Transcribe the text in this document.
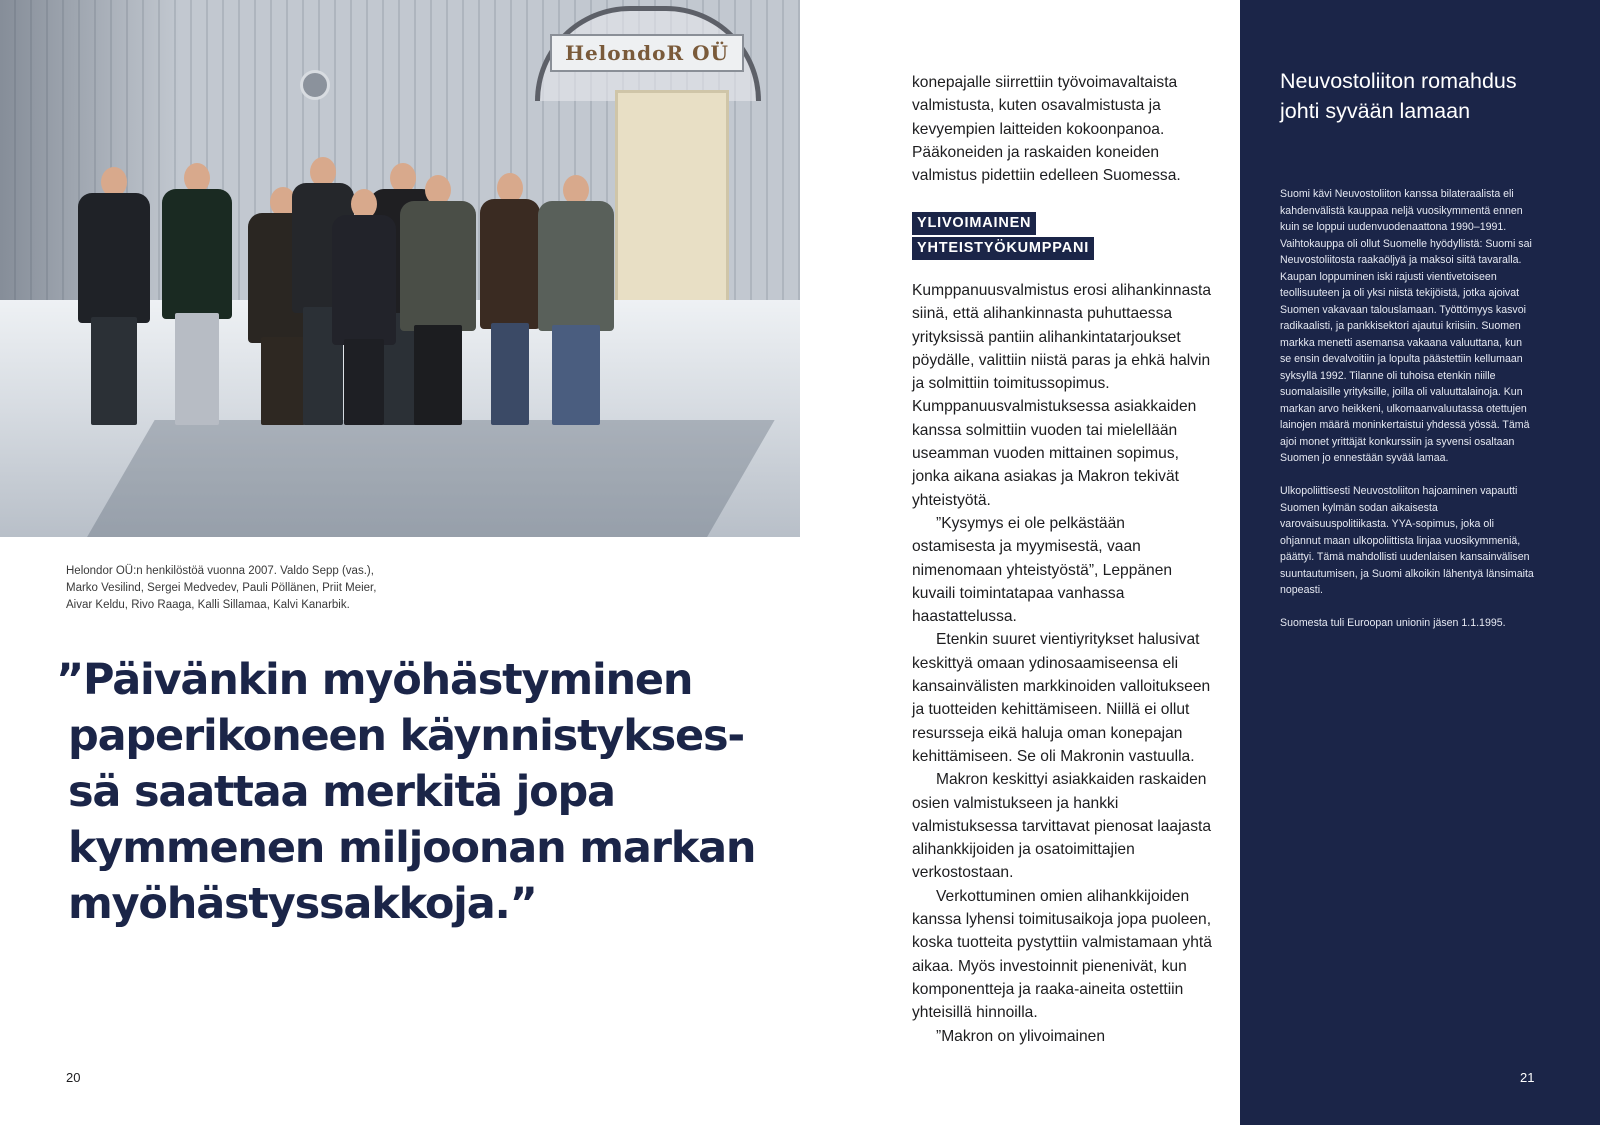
HelondoR OÜ
Helondor OÜ:n henkilöstöä vuonna 2007. Valdo Sepp (vas.), Marko Vesilind, Sergei Medvedev, Pauli Pöllänen, Priit Meier, Aivar Keldu, Rivo Raaga, Kalli Sillamaa, Kalvi Kanarbik.
”Päivänkin myöhästyminen paperikoneen käynnistykses-sä saattaa merkitä jopa kymmenen miljoonan markan myöhästyssakkoja.”
20

konepajalle siirrettiin työvoimavaltaista valmistusta, kuten osavalmistusta ja kevyempien laitteiden kokoonpanoa. Pääkoneiden ja raskaiden koneiden valmistus pidettiin edelleen Suomessa.

YLIVOIMAINEN
YHTEISTYÖKUMPPANI

Kumppanuusvalmistus erosi alihankinnasta siinä, että alihankinnasta puhuttaessa yrityksissä pantiin alihankintatarjoukset pöydälle, valittiin niistä paras ja ehkä halvin ja solmittiin toimitussopimus. Kumppanuusvalmistuksessa asiakkaiden kanssa solmittiin vuoden tai mielellään useamman vuoden mittainen sopimus, jonka aikana asiakas ja Makron tekivät yhteistyötä.

”Kysymys ei ole pelkästään ostamisesta ja myymisestä, vaan nimenomaan yhteistyöstä”, Leppänen kuvaili toimintatapaa vanhassa haastattelussa.

Etenkin suuret vientiyritykset halusivat keskittyä omaan ydinosaamiseensa eli kansainvälisten markkinoiden valloitukseen ja tuotteiden kehittämiseen. Niillä ei ollut resursseja eikä haluja oman konepajan kehittämiseen. Se oli Makronin vastuulla.

Makron keskittyi asiakkaiden raskaiden osien valmistukseen ja hankki valmistuksessa tarvittavat pienosat laajasta alihankkijoiden ja osatoimittajien verkostostaan.

Verkottuminen omien alihankkijoiden kanssa lyhensi toimitusaikoja jopa puoleen, koska tuotteita pystyttiin valmistamaan yhtä aikaa. Myös investoinnit pienenivät, kun komponenttеja ja raaka-aineita ostettiin yhteisillä hinnoilla.

”Makron on ylivoimainen

Neuvostoliiton romahdus johti syvään lamaan

Suomi kävi Neuvostoliiton kanssa bilateraalista eli kahdenvälistä kauppaa neljä vuosikymmentä ennen kuin se loppui uudenvuodenaattona 1990–1991. Vaihtokauppa oli ollut Suomelle hyödyllistä: Suomi sai Neuvostoliitosta raakaöljyä ja maksoi siitä tavaralla. Kaupan loppuminen iski rajusti vientivetoiseen teollisuuteen ja oli yksi niistä tekijöistä, jotka ajoivat Suomen vakavaan talouslamaan. Työttömyys kasvoi radikaalisti, ja pankkisektori ajautui kriisiin. Suomen markka menetti asemansa vakaana valuuttana, kun se ensin devalvoitiin ja lopulta päästettiin kellumaan syksyllä 1992. Tilanne oli tuhoisa etenkin niille suomalaisille yrityksille, joilla oli valuuttalainoja. Kun markan arvo heikkeni, ulkomaanvaluutassa otettujen lainojen määrä moninkertaistui yhdessä yössä. Tämä ajoi monet yrittäjät konkurssiin ja syvensi osaltaan Suomen jo ennestään syvää lamaa.

Ulkopoliittisesti Neuvostoliiton hajoaminen vapautti Suomen kylmän sodan aikaisesta varovaisuuspolitiikasta. YYA-sopimus, joka oli ohjannut maan ulkopoliittista linjaa vuosikymmeniä, päättyi. Tämä mahdollisti uudenlaisen kansainvälisen suuntautumisen, ja Suomi alkoikin lähentyä länsimaita nopeasti.

Suomesta tuli Euroopan unionin jäsen 1.1.1995.

21
